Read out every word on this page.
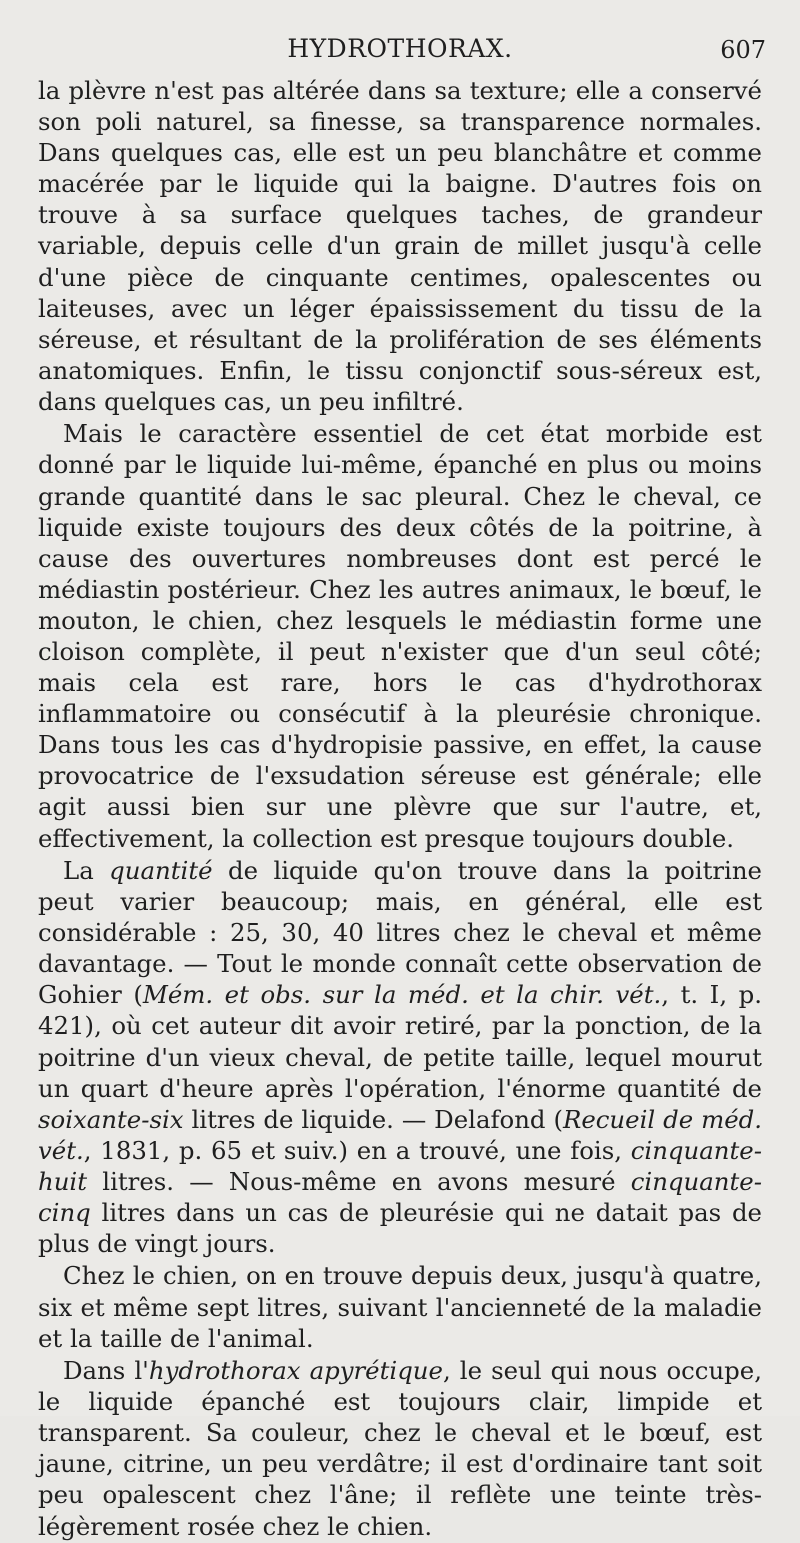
HYDROTHORAX.	607

la plèvre n'est pas altérée dans sa texture; elle a conservé son poli naturel, sa finesse, sa transparence normales. Dans quelques cas, elle est un peu blanchâtre et comme macérée par le liquide qui la baigne. D'autres fois on trouve à sa surface quelques taches, de grandeur variable, depuis celle d'un grain de millet jusqu'à celle d'une pièce de cinquante centimes, opalescentes ou laiteuses, avec un léger épaississement du tissu de la séreuse, et résultant de la prolifération de ses éléments anatomiques. Enfin, le tissu conjonctif sous-séreux est, dans quelques cas, un peu infiltré.

Mais le caractère essentiel de cet état morbide est donné par le liquide lui-même, épanché en plus ou moins grande quantité dans le sac pleural. Chez le cheval, ce liquide existe toujours des deux côtés de la poitrine, à cause des ouvertures nombreuses dont est percé le médiastin postérieur. Chez les autres animaux, le bœuf, le mouton, le chien, chez lesquels le médiastin forme une cloison complète, il peut n'exister que d'un seul côté; mais cela est rare, hors le cas d'hydrothorax inflammatoire ou consécutif à la pleurésie chronique. Dans tous les cas d'hydropisie passive, en effet, la cause provocatrice de l'exsudation séreuse est générale; elle agit aussi bien sur une plèvre que sur l'autre, et, effectivement, la collection est presque toujours double.

La quantité de liquide qu'on trouve dans la poitrine peut varier beaucoup; mais, en général, elle est considérable : 25, 30, 40 litres chez le cheval et même davantage. — Tout le monde connaît cette observation de Gohier (Mém. et obs. sur la méd. et la chir. vét., t. I, p. 421), où cet auteur dit avoir retiré, par la ponction, de la poitrine d'un vieux cheval, de petite taille, lequel mourut un quart d'heure après l'opération, l'énorme quantité de soixante-six litres de liquide. — Delafond (Recueil de méd. vét., 1831, p. 65 et suiv.) en a trouvé, une fois, cinquante-huit litres. — Nous-même en avons mesuré cinquante-cinq litres dans un cas de pleurésie qui ne datait pas de plus de vingt jours.

Chez le chien, on en trouve depuis deux, jusqu'à quatre, six et même sept litres, suivant l'ancienneté de la maladie et la taille de l'animal.

Dans l'hydrothorax apyrétique, le seul qui nous occupe, le liquide épanché est toujours clair, limpide et transparent. Sa couleur, chez le cheval et le bœuf, est jaune, citrine, un peu verdâtre; il est d'ordinaire tant soit peu opalescent chez l'âne; il reflète une teinte très-légèrement rosée chez le chien.
